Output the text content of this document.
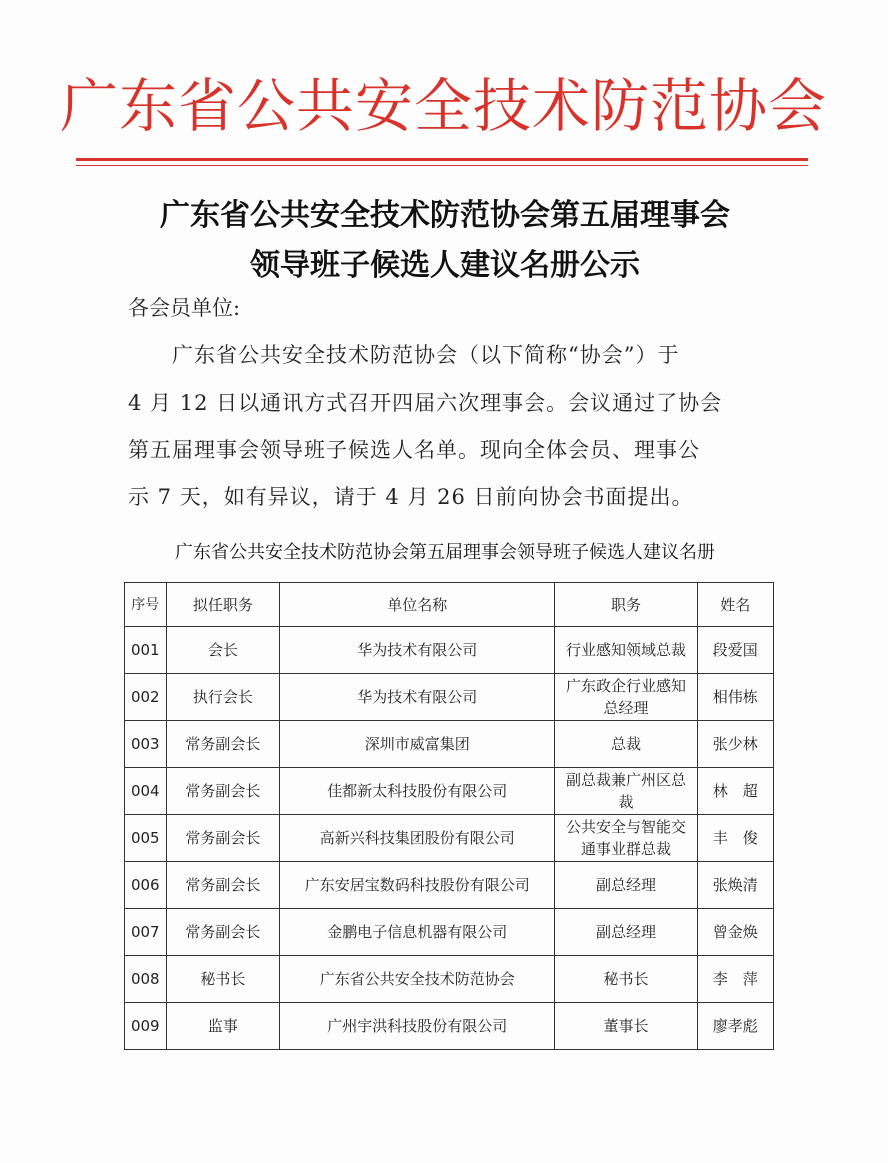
广东省公共安全技术防范协会
广东省公共安全技术防范协会第五届理事会
领导班子候选人建议名册公示
各会员单位:
广东省公共安全技术防范协会（以下简称“协会”）于
4 月 12 日以通讯方式召开四届六次理事会。会议通过了协会
第五届理事会领导班子候选人名单。现向全体会员、理事公
示 7 天，如有异议，请于 4 月 26 日前向协会书面提出。
广东省公共安全技术防范协会第五届理事会领导班子候选人建议名册
序号	拟任职务	单位名称	职务	姓名
001	会长	华为技术有限公司	行业感知领域总裁	段爱国
002	执行会长	华为技术有限公司	广东政企行业感知总经理	相伟栋
003	常务副会长	深圳市威富集团	总裁	张少林
004	常务副会长	佳都新太科技股份有限公司	副总裁兼广州区总裁	林　超
005	常务副会长	高新兴科技集团股份有限公司	公共安全与智能交通事业群总裁	丰　俊
006	常务副会长	广东安居宝数码科技股份有限公司	副总经理	张焕清
007	常务副会长	金鹏电子信息机器有限公司	副总经理	曾金焕
008	秘书长	广东省公共安全技术防范协会	秘书长	李　萍
009	监事	广州宇洪科技股份有限公司	董事长	廖孝彪
